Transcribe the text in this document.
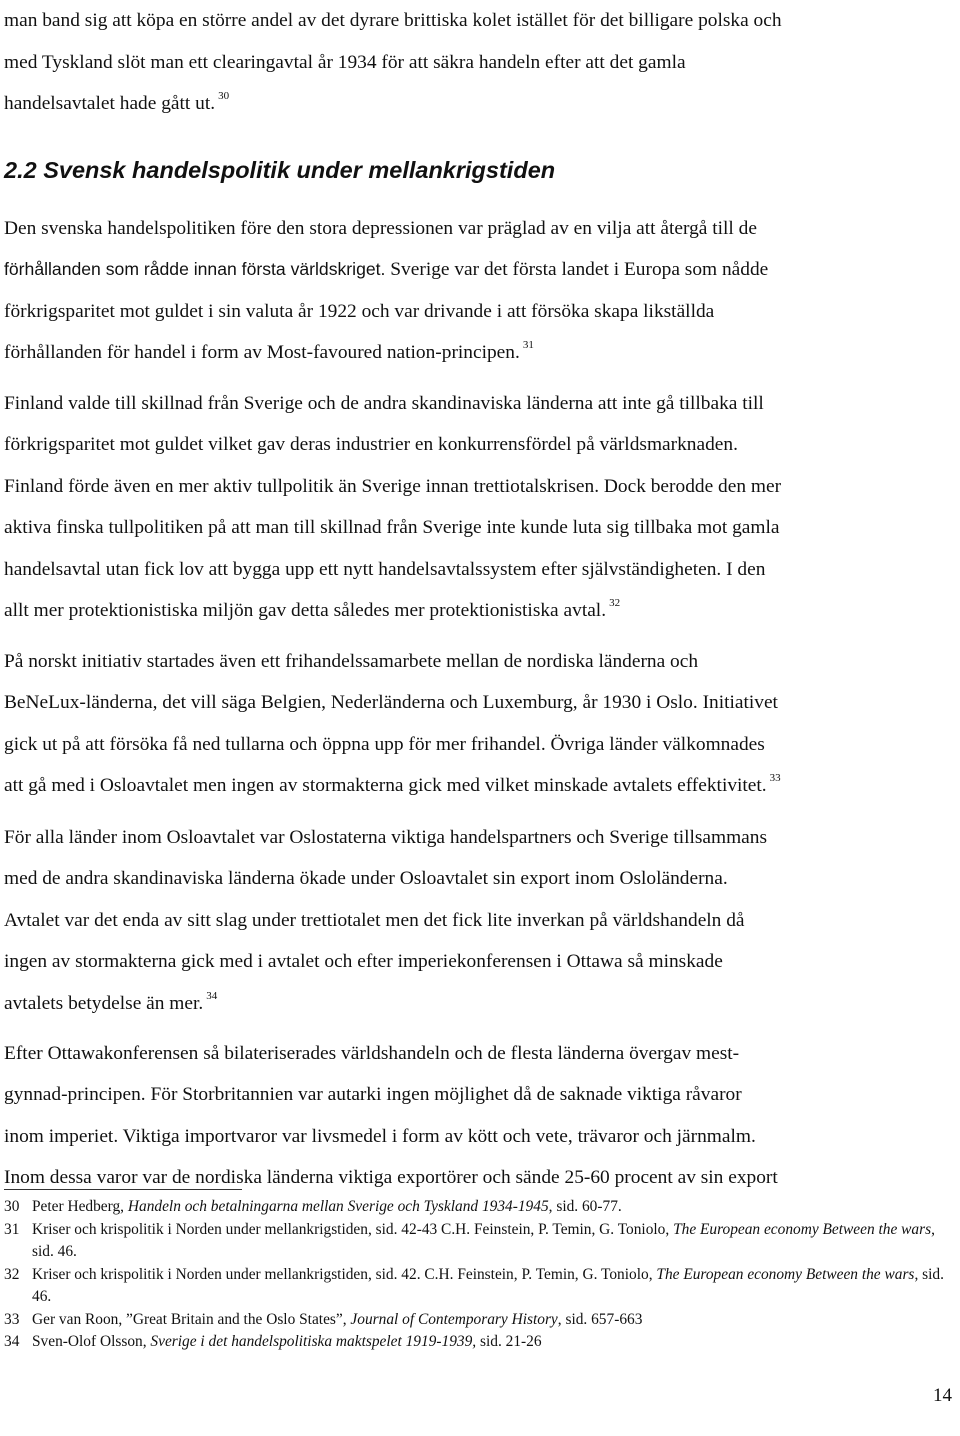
man band sig att köpa en större andel av det dyrare brittiska kolet istället för det billigare polska och

med Tyskland slöt man ett clearingavtal år 1934 för att säkra handeln efter att det gamla

handelsavtalet hade gått ut. $^{30}$

2.2 Svensk handelspolitik under mellankrigstiden

Den svenska handelspolitiken före den stora depressionen var präglad av en vilja att återgå till de

förhållanden som rådde innan första världskriget. Sverige var det första landet i Europa som nådde

förkrigsparitet mot guldet i sin valuta år 1922 och var drivande i att försöka skapa likställda

förhållanden för handel i form av Most-favoured nation-principen. $^{31}$

Finland valde till skillnad från Sverige och de andra skandinaviska länderna att inte gå tillbaka till

förkrigsparitet mot guldet vilket gav deras industrier en konkurrensfördel på världsmarknaden.

Finland förde även en mer aktiv tullpolitik än Sverige innan trettiotalskrisen. Dock berodde den mer

aktiva finska tullpolitiken på att man till skillnad från Sverige inte kunde luta sig tillbaka mot gamla

handelsavtal utan fick lov att bygga upp ett nytt handelsavtalssystem efter självständigheten. I den

allt mer protektionistiska miljön gav detta således mer protektionistiska avtal. $^{32}$

På norskt initiativ startades även ett frihandelssamarbete mellan de nordiska länderna och

BeNeLux-länderna, det vill säga Belgien, Nederländerna och Luxemburg, år 1930 i Oslo. Initiativet

gick ut på att försöka få ned tullarna och öppna upp för mer frihandel. Övriga länder välkomnades

att gå med i Osloavtalet men ingen av stormakterna gick med vilket minskade avtalets effektivitet. $^{33}$

För alla länder inom Osloavtalet var Oslostaterna viktiga handelspartners och Sverige tillsammans

med de andra skandinaviska länderna ökade under Osloavtalet sin export inom Osloländerna.

Avtalet var det enda av sitt slag under trettiotalet men det fick lite inverkan på världshandeln då

ingen av stormakterna gick med i avtalet och efter imperiekonferensen i Ottawa så minskade

avtalets betydelse än mer. $^{34}$

Efter Ottawakonferensen så bilateriserades världshandeln och de flesta länderna övergav mest-

gynnad-principen. För Storbritannien var autarki ingen möjlighet då de saknade viktiga råvaror

inom imperiet. Viktiga importvaror var livsmedel i form av kött och vete, trävaror och järnmalm.

Inom dessa varor var de nordiska länderna viktiga exportörer och sände 25-60 procent av sin export

30 Peter Hedberg, Handeln och betalningarna mellan Sverige och Tyskland 1934-1945, sid. 60-77.
31 Kriser och krispolitik i Norden under mellankrigstiden, sid. 42-43 C.H. Feinstein, P. Temin, G. Toniolo, The European economy Between the wars, sid. 46.
32 Kriser och krispolitik i Norden under mellankrigstiden, sid. 42. C.H. Feinstein, P. Temin, G. Toniolo, The European economy Between the wars, sid. 46.
33 Ger van Roon, ”Great Britain and the Oslo States”, Journal of Contemporary History, sid. 657-663
34 Sven-Olof Olsson, Sverige i det handelspolitiska maktspelet 1919-1939, sid. 21-26
14
